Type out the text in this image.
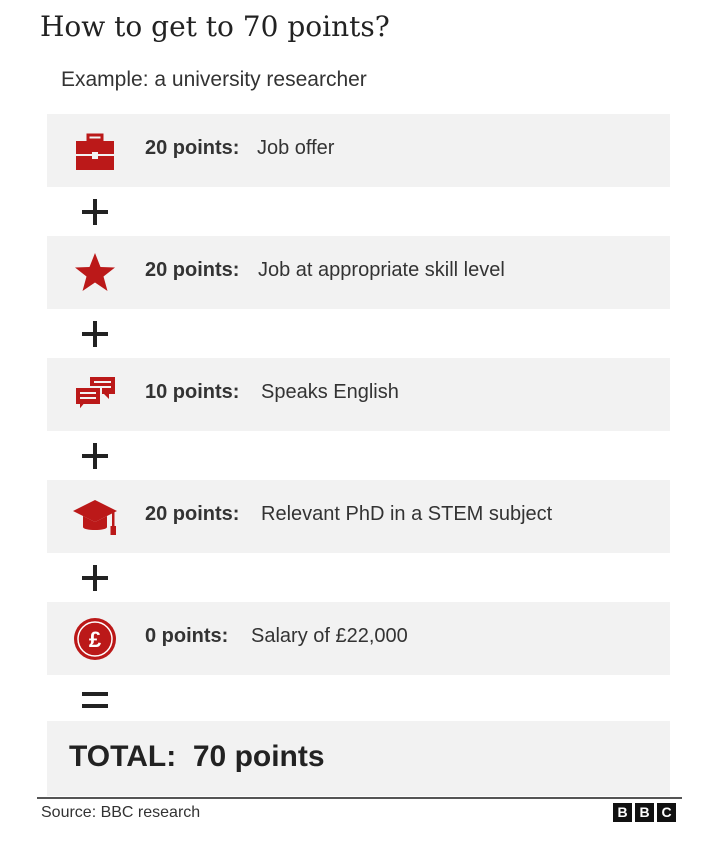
How to get to 70 points?
Example: a university researcher
20 points: Job offer
20 points: Job at appropriate skill level
10 points: Speaks English
20 points: Relevant PhD in a STEM subject
£ 0 points: Salary of £22,000
TOTAL:  70 points
Source: BBC research	B B C
